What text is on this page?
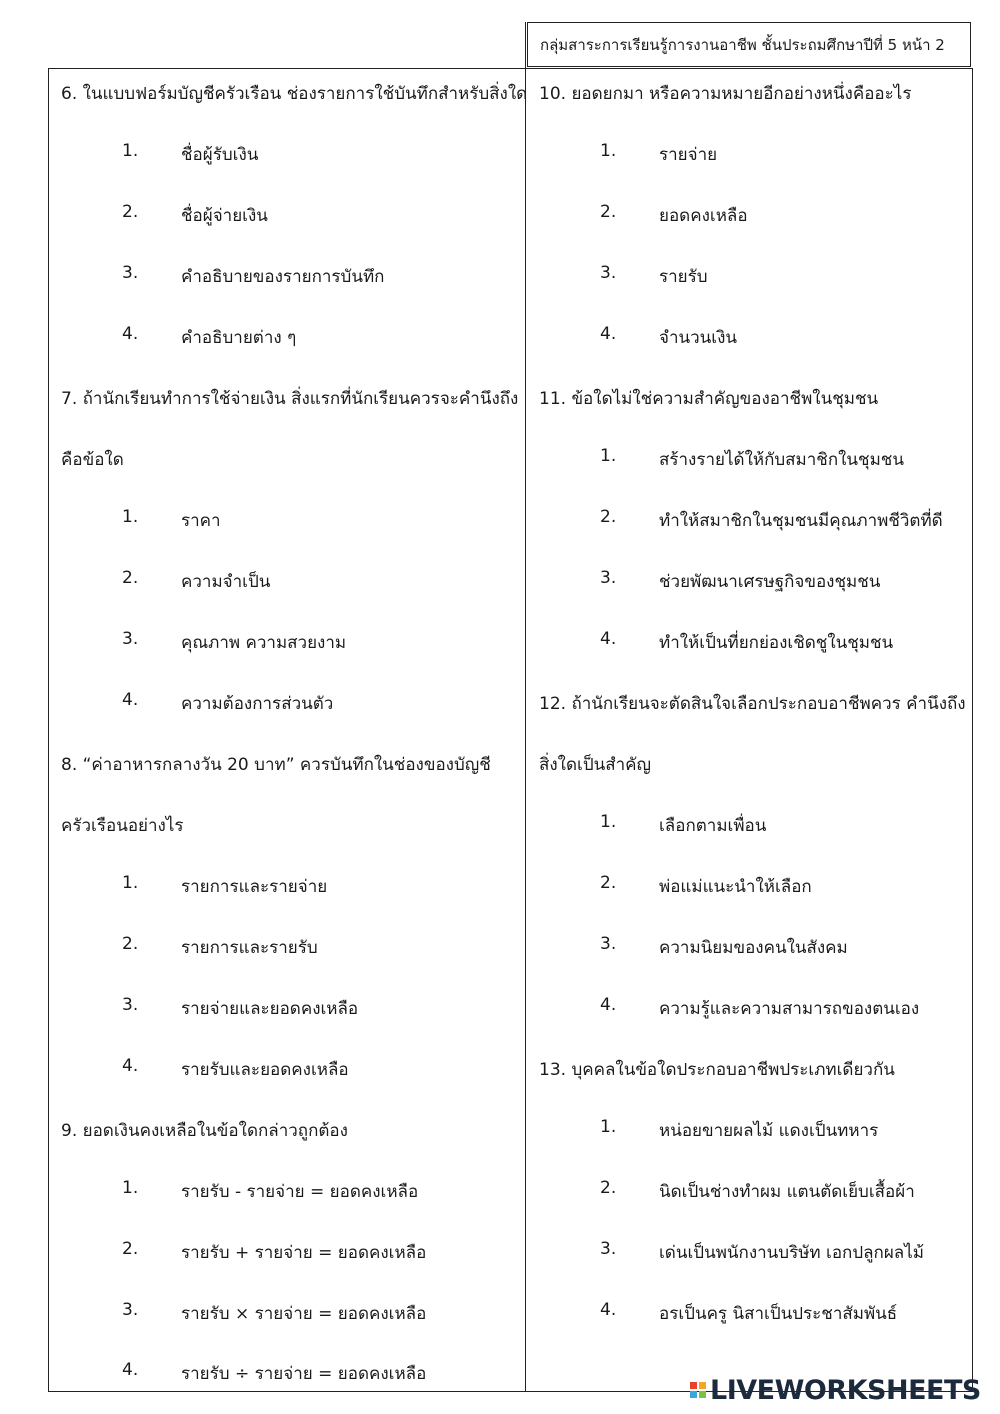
กลุ่มสาระการเรียนรู้การงานอาชีพ ชั้นประถมศึกษาปีที่ 5 หน้า 2
6. ในแบบฟอร์มบัญชีครัวเรือน ช่องรายการใช้บันทึกสำหรับสิ่งใด
1.	ชื่อผู้รับเงิน
2.	ชื่อผู้จ่ายเงิน
3.	คำอธิบายของรายการบันทึก
4.	คำอธิบายต่าง ๆ
7. ถ้านักเรียนทำการใช้จ่ายเงิน สิ่งแรกที่นักเรียนควรจะคำนึงถึง
คือข้อใด
1.	ราคา
2.	ความจำเป็น
3.	คุณภาพ ความสวยงาม
4.	ความต้องการส่วนตัว
8. “ค่าอาหารกลางวัน 20 บาท” ควรบันทึกในช่องของบัญชี
ครัวเรือนอย่างไร
1.	รายการและรายจ่าย
2.	รายการและรายรับ
3.	รายจ่ายและยอดคงเหลือ
4.	รายรับและยอดคงเหลือ
9. ยอดเงินคงเหลือในข้อใดกล่าวถูกต้อง
1.	รายรับ - รายจ่าย = ยอดคงเหลือ
2.	รายรับ + รายจ่าย = ยอดคงเหลือ
3.	รายรับ × รายจ่าย = ยอดคงเหลือ
4.	รายรับ ÷ รายจ่าย = ยอดคงเหลือ
10. ยอดยกมา หรือความหมายอีกอย่างหนึ่งคืออะไร
1.	รายจ่าย
2.	ยอดคงเหลือ
3.	รายรับ
4.	จำนวนเงิน
11. ข้อใดไม่ใช่ความสำคัญของอาชีพในชุมชน
1.	สร้างรายได้ให้กับสมาชิกในชุมชน
2.	ทำให้สมาชิกในชุมชนมีคุณภาพชีวิตที่ดี
3.	ช่วยพัฒนาเศรษฐกิจของชุมชน
4.	ทำให้เป็นที่ยกย่องเชิดชูในชุมชน
12. ถ้านักเรียนจะตัดสินใจเลือกประกอบอาชีพควร คำนึงถึง
สิ่งใดเป็นสำคัญ
1.	เลือกตามเพื่อน
2.	พ่อแม่แนะนำให้เลือก
3.	ความนิยมของคนในสังคม
4.	ความรู้และความสามารถของตนเอง
13. บุคคลในข้อใดประกอบอาชีพประเภทเดียวกัน
1.	หน่อยขายผลไม้ แดงเป็นทหาร
2.	นิดเป็นช่างทำผม แตนตัดเย็บเสื้อผ้า
3.	เด่นเป็นพนักงานบริษัท เอกปลูกผลไม้
4.	อรเป็นครู นิสาเป็นประชาสัมพันธ์
LIVEWORKSHEETS
